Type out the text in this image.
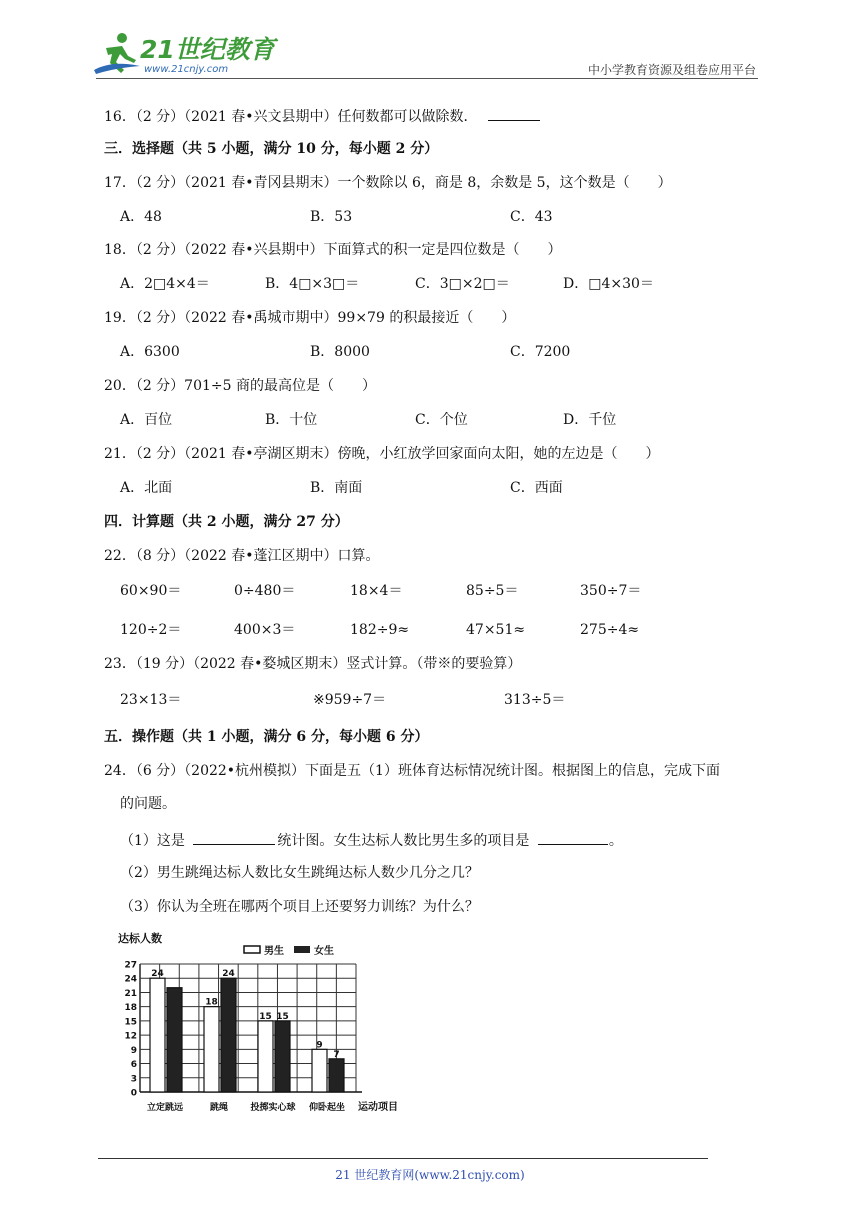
21世纪教育
www.21cnjy.com	中小学教育资源及组卷应用平台
16．（2 分）（2021 春•兴文县期中）任何数都可以做除数．
三．选择题（共 5 小题，满分 10 分，每小题 2 分）
17．（2 分）（2021 春•青冈县期末）一个数除以 6，商是 8，余数是 5，这个数是（　　）
A．48	B．53	C．43
18．（2 分）（2022 春•兴县期中）下面算式的积一定是四位数是（　　）
A．2□4×4＝	B．4□×3□＝	C．3□×2□＝	D．□4×30＝
19．（2 分）（2022 春•禹城市期中）99×79 的积最接近（　　）
A．6300	B．8000	C．7200
20．（2 分）701÷5 商的最高位是（　　）
A．百位	B．十位	C．个位	D．千位
21．（2 分）（2021 春•亭湖区期末）傍晚，小红放学回家面向太阳，她的左边是（　　）
A．北面	B．南面	C．西面
四．计算题（共 2 小题，满分 27 分）
22．（8 分）（2022 春•蓬江区期中）口算。
60×90＝	0÷480＝	18×4＝	85÷5＝	350÷7＝
120÷2＝	400×3＝	182÷9≈	47×51≈	275÷4≈
23．（19 分）（2022 春•婺城区期末）竖式计算。（带※的要验算）
23×13＝	※959÷7＝	313÷5＝
五．操作题（共 1 小题，满分 6 分，每小题 6 分）
24．（6 分）（2022•杭州模拟）下面是五（1）班体育达标情况统计图。根据图上的信息，完成下面
的问题。
（1）这是	统计图。女生达标人数比男生多的项目是	。
（2）男生跳绳达标人数比女生跳绳达标人数少几分之几？
（3）你认为全班在哪两个项目上还要努力训练？为什么？
达标人数
男生	女生
0
3
6
9
12
15
18
21
24
27
24
18
24
15 15
9
7
立定跳远	跳绳 投掷实心球 仰卧起坐 运动项目
21 世纪教育网(www.21cnjy.com)
